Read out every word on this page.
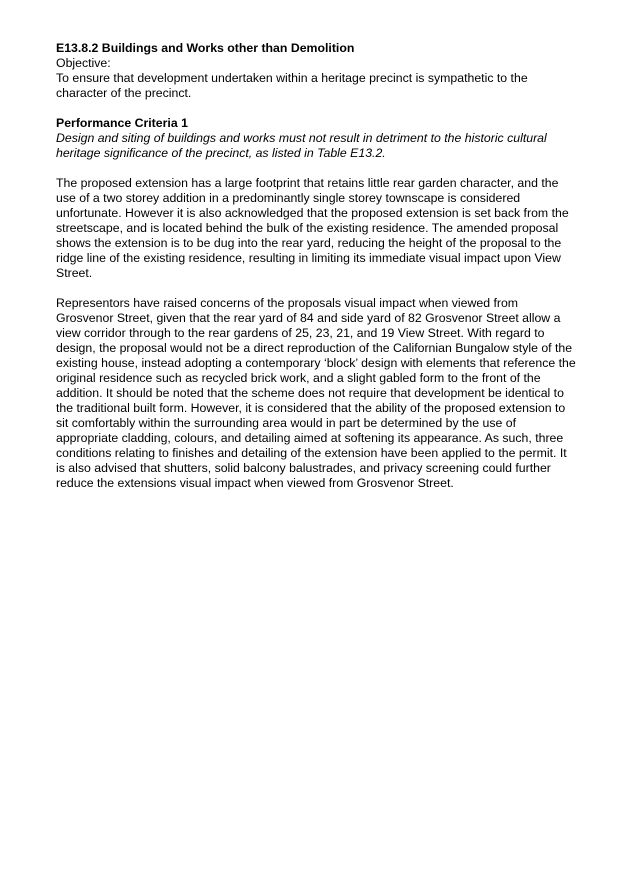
E13.8.2 Buildings and Works other than Demolition

Objective:

To ensure that development undertaken within a heritage precinct is sympathetic to the character of the precinct.

Performance Criteria 1

Design and siting of buildings and works must not result in detriment to the historic cultural heritage significance of the precinct, as listed in Table E13.2.

The proposed extension has a large footprint that retains little rear garden character, and the use of a two storey addition in a predominantly single storey townscape is considered unfortunate. However it is also acknowledged that the proposed extension is set back from the streetscape, and is located behind the bulk of the existing residence. The amended proposal shows the extension is to be dug into the rear yard, reducing the height of the proposal to the ridge line of the existing residence, resulting in limiting its immediate visual impact upon View Street.

Representors have raised concerns of the proposals visual impact when viewed from Grosvenor Street, given that the rear yard of 84 and side yard of 82 Grosvenor Street allow a view corridor through to the rear gardens of 25, 23, 21, and 19 View Street. With regard to design, the proposal would not be a direct reproduction of the Californian Bungalow style of the existing house, instead adopting a contemporary ‘block’ design with elements that reference the original residence such as recycled brick work, and a slight gabled form to the front of the addition. It should be noted that the scheme does not require that development be identical to the traditional built form. However, it is considered that the ability of the proposed extension to sit comfortably within the surrounding area would in part be determined by the use of appropriate cladding, colours, and detailing aimed at softening its appearance. As such, three conditions relating to finishes and detailing of the extension have been applied to the permit. It is also advised that shutters, solid balcony balustrades, and privacy screening could further reduce the extensions visual impact when viewed from Grosvenor Street.
